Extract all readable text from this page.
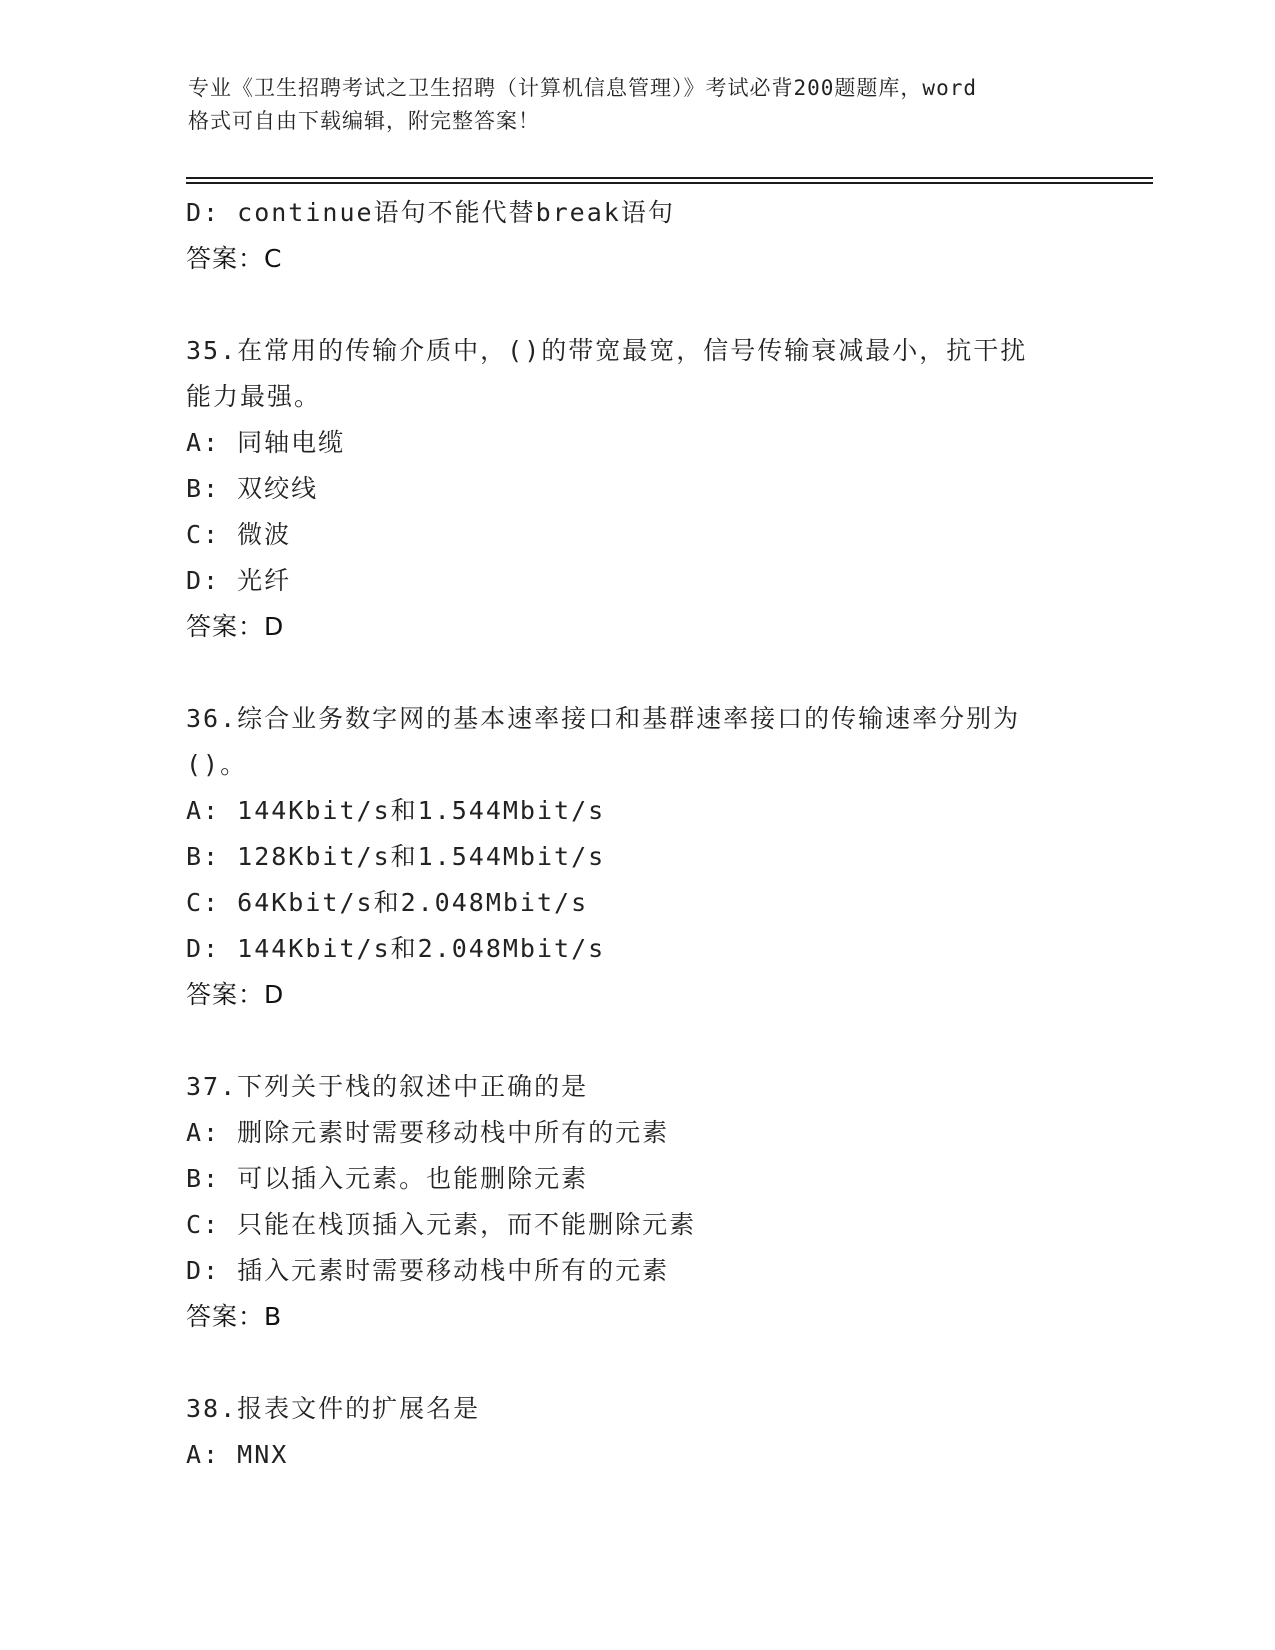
专业《卫生招聘考试之卫生招聘（计算机信息管理）》考试必背200题题库，word
格式可自由下载编辑，附完整答案！
D: continue语句不能代替break语句
答案：C
35.在常用的传输介质中，()的带宽最宽，信号传输衰减最小，抗干扰
能力最强。
A: 同轴电缆
B: 双绞线
C: 微波
D: 光纤
答案：D
36.综合业务数字网的基本速率接口和基群速率接口的传输速率分别为
()。
A: 144Kbit/s和1.544Mbit/s
B: 128Kbit/s和1.544Mbit/s
C: 64Kbit/s和2.048Mbit/s
D: 144Kbit/s和2.048Mbit/s
答案：D
37.下列关于栈的叙述中正确的是
A: 删除元素时需要移动栈中所有的元素
B: 可以插入元素。也能删除元素
C: 只能在栈顶插入元素，而不能删除元素
D: 插入元素时需要移动栈中所有的元素
答案：B
38.报表文件的扩展名是
A: MNX
